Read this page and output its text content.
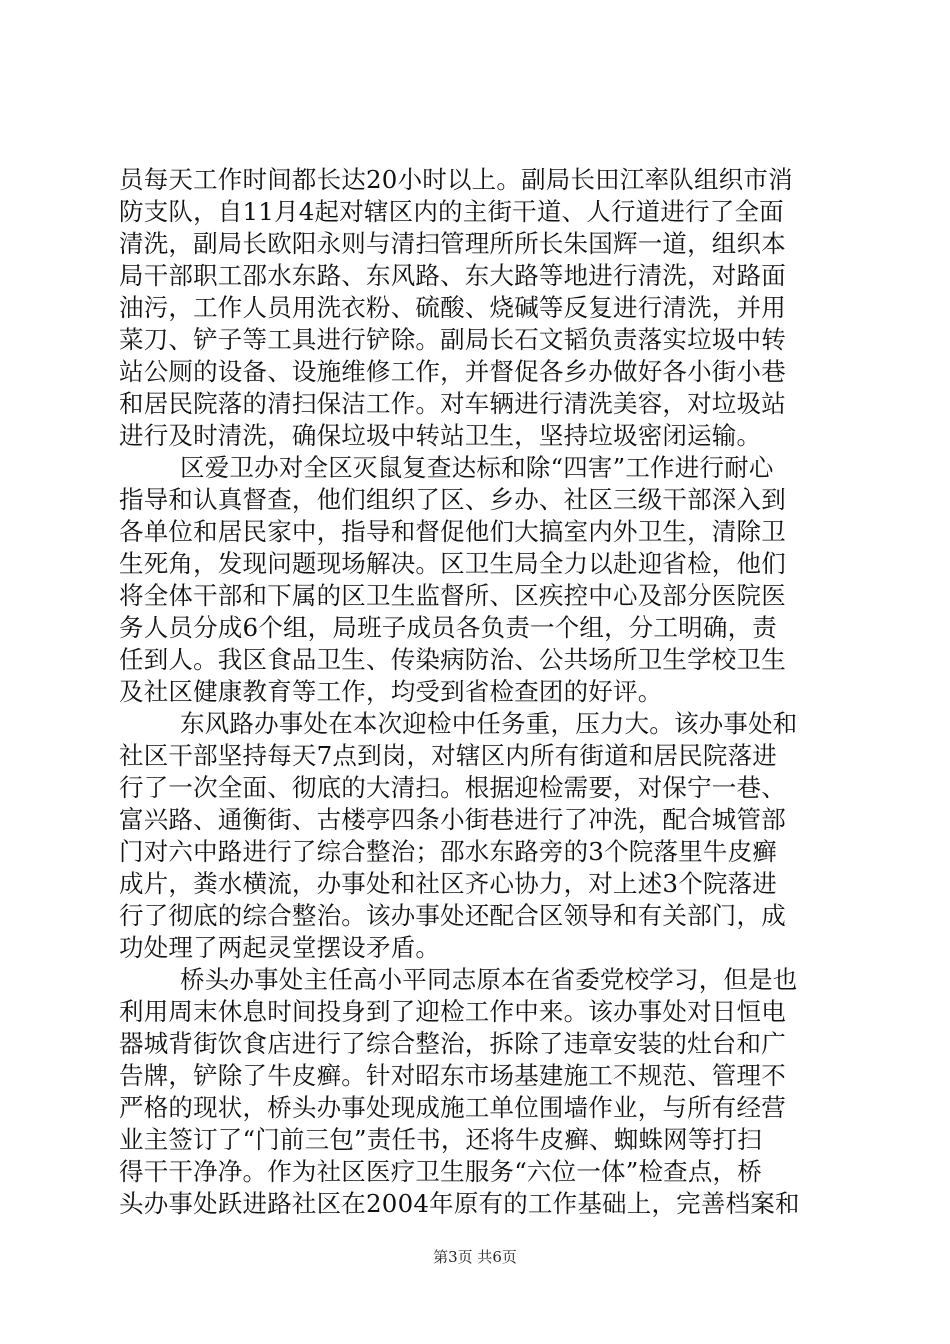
员每天工作时间都长达20小时以上。副局长田江率队组织市消
防支队，自11月4起对辖区内的主街干道、人行道进行了全面
清洗，副局长欧阳永则与清扫管理所所长朱国辉一道，组织本
局干部职工邵水东路、东风路、东大路等地进行清洗，对路面
油污，工作人员用洗衣粉、硫酸、烧碱等反复进行清洗，并用
菜刀、铲子等工具进行铲除。副局长石文韬负责落实垃圾中转
站公厕的设备、设施维修工作，并督促各乡办做好各小街小巷
和居民院落的清扫保洁工作。对车辆进行清洗美容，对垃圾站
进行及时清洗，确保垃圾中转站卫生，坚持垃圾密闭运输。
区爱卫办对全区灭鼠复查达标和除“四害”工作进行耐心
指导和认真督查，他们组织了区、乡办、社区三级干部深入到
各单位和居民家中，指导和督促他们大搞室内外卫生，清除卫
生死角，发现问题现场解决。区卫生局全力以赴迎省检，他们
将全体干部和下属的区卫生监督所、区疾控中心及部分医院医
务人员分成6个组，局班子成员各负责一个组，分工明确，责
任到人。我区食品卫生、传染病防治、公共场所卫生学校卫生
及社区健康教育等工作，均受到省检查团的好评。
东风路办事处在本次迎检中任务重，压力大。该办事处和
社区干部坚持每天7点到岗，对辖区内所有街道和居民院落进
行了一次全面、彻底的大清扫。根据迎检需要，对保宁一巷、
富兴路、通衡街、古楼亭四条小街巷进行了冲洗，配合城管部
门对六中路进行了综合整治；邵水东路旁的3个院落里牛皮癣
成片，粪水横流，办事处和社区齐心协力，对上述3个院落进
行了彻底的综合整治。该办事处还配合区领导和有关部门，成
功处理了两起灵堂摆设矛盾。
桥头办事处主任高小平同志原本在省委党校学习，但是也
利用周末休息时间投身到了迎检工作中来。该办事处对日恒电
器城背街饮食店进行了综合整治，拆除了违章安装的灶台和广
告牌，铲除了牛皮癣。针对昭东市场基建施工不规范、管理不
严格的现状，桥头办事处现成施工单位围墙作业，与所有经营
业主签订了“门前三包”责任书，还将牛皮癣、蜘蛛网等打扫
得干干净净。作为社区医疗卫生服务“六位一体”检查点，桥
头办事处跃进路社区在2004年原有的工作基础上，完善档案和
第3页 共6页
